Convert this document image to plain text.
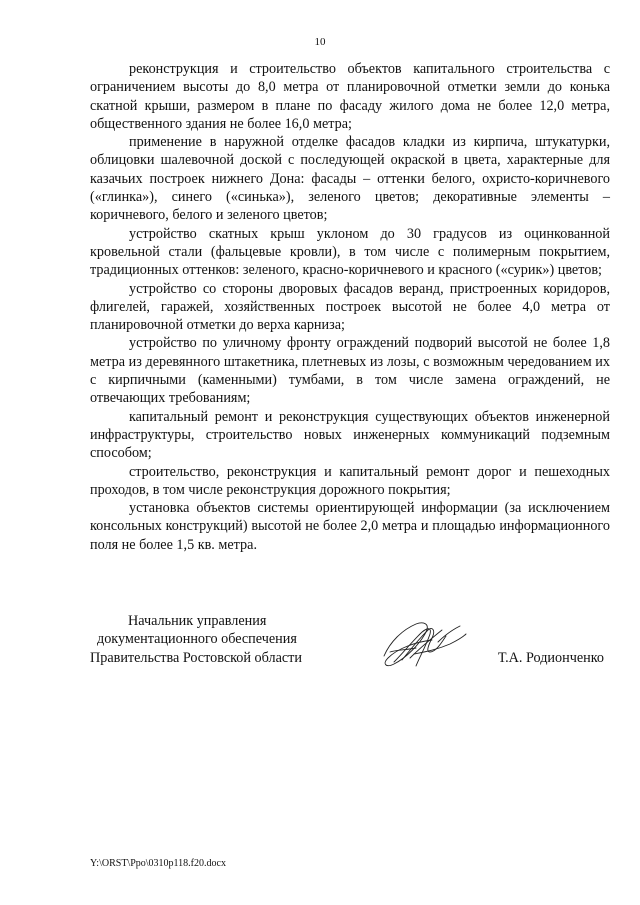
10

реконструкция и строительство объектов капитального строительства с ограничением высоты до 8,0 метра от планировочной отметки земли до конька скатной крыши, размером в плане по фасаду жилого дома не более 12,0 метра, общественного здания не более 16,0 метра;

применение в наружной отделке фасадов кладки из кирпича, штукатурки, облицовки шалевочной доской с последующей окраской в цвета, характерные для казачьих построек нижнего Дона: фасады – оттенки белого, охристо-коричневого («глинка»), синего («синька»), зеленого цветов; декоративные элементы – коричневого, белого и зеленого цветов;

устройство скатных крыш уклоном до 30 градусов из оцинкованной кровельной стали (фальцевые кровли), в том числе с полимерным покрытием, традиционных оттенков: зеленого, красно-коричневого и красного («сурик») цветов;

устройство со стороны дворовых фасадов веранд, пристроенных коридоров, флигелей, гаражей, хозяйственных построек высотой не более 4,0 метра от планировочной отметки до верха карниза;

устройство по уличному фронту ограждений подворий высотой не более 1,8 метра из деревянного штакетника, плетневых из лозы, с возможным чередованием их с кирпичными (каменными) тумбами, в том числе замена ограждений, не отвечающих требованиям;

капитальный ремонт и реконструкция существующих объектов инженерной инфраструктуры, строительство новых инженерных коммуникаций подземным способом;

строительство, реконструкция и капитальный ремонт дорог и пешеходных проходов, в том числе реконструкция дорожного покрытия;

установка объектов системы ориентирующей информации (за исключением консольных конструкций) высотой не более 2,0 метра и площадью информационного поля не более 1,5 кв. метра.

Начальник управления
документационного обеспечения
Правительства Ростовской области	Т.А. Родионченко
Y:\ORST\Ppo\0310p118.f20.docx
